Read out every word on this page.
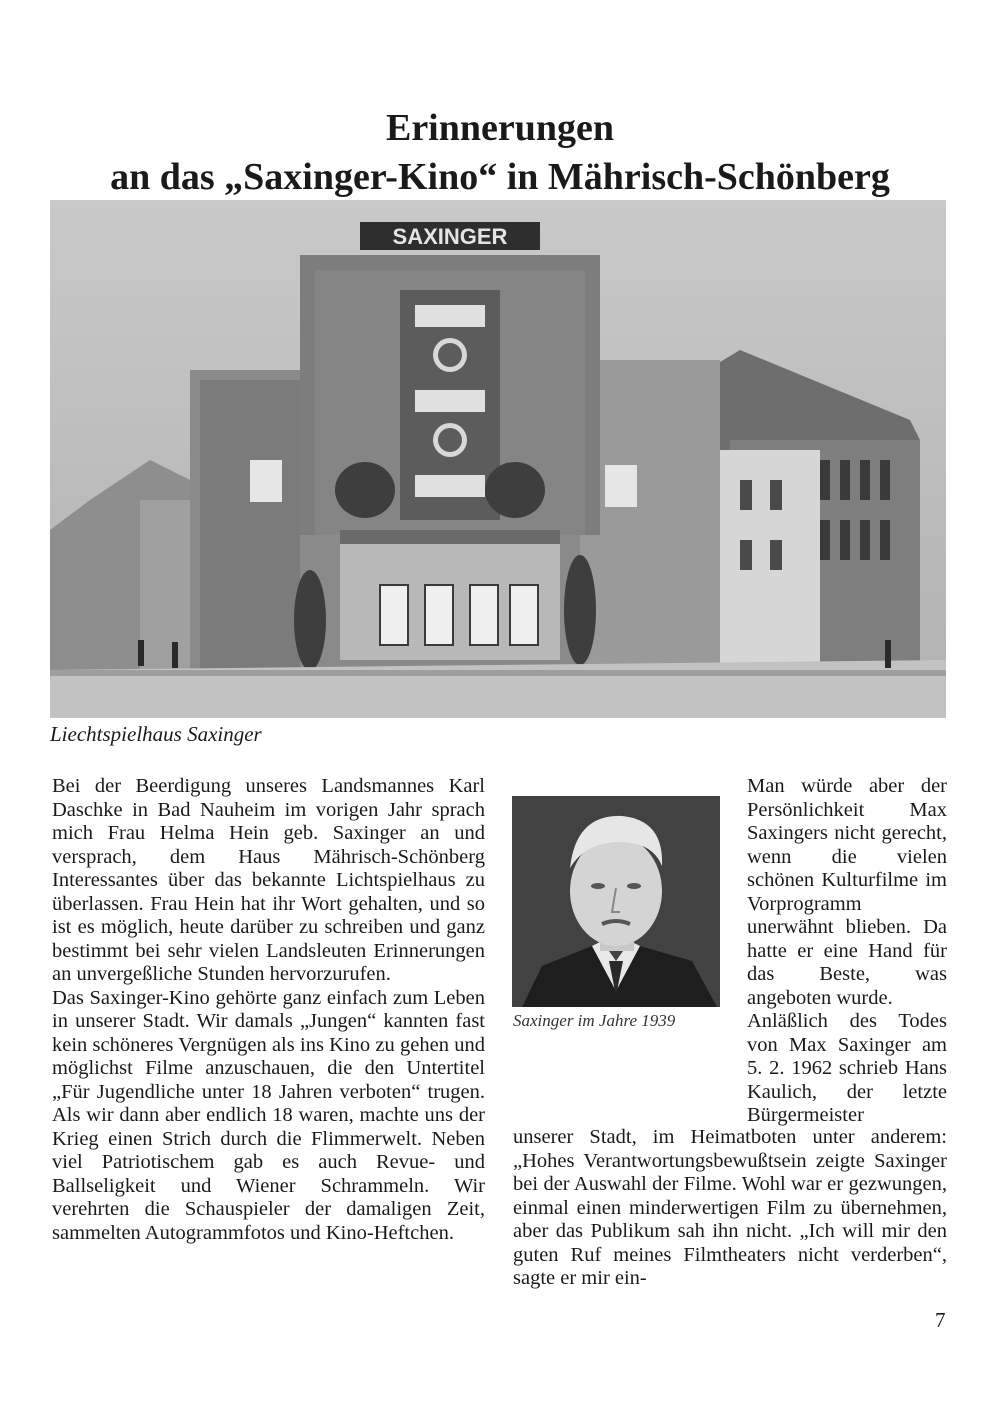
Erinnerungen
an das „Saxinger-Kino“ in Mährisch-Schönberg
SAXINGER
Liechtspielhaus Saxinger

Bei der Beerdigung unseres Landsmannes Karl Daschke in Bad Nauheim im vorigen Jahr sprach mich Frau Helma Hein geb. Saxinger an und versprach, dem Haus Mährisch-Schönberg Interessantes über das bekannte Lichtspielhaus zu überlassen. Frau Hein hat ihr Wort gehalten, und so ist es möglich, heute darüber zu schreiben und ganz bestimmt bei sehr vielen Landsleuten Erinnerungen an unvergeßliche Stunden hervorzurufen.

Das Saxinger-Kino gehörte ganz einfach zum Leben in unserer Stadt. Wir damals „Jungen“ kannten fast kein schöneres Vergnügen als ins Kino zu gehen und möglichst Filme anzuschauen, die den Untertitel „Für Jugendliche unter 18 Jahren verboten“ trugen. Als wir dann aber endlich 18 waren, machte uns der Krieg einen Strich durch die Flimmerwelt. Neben viel Patriotischem gab es auch Revue- und Ballseligkeit und Wiener Schrammeln. Wir verehrten die Schauspieler der damaligen Zeit, sammelten Autogrammfotos und Kino-Heftchen.

Saxinger im Jahre 1939

Man würde aber der Persönlichkeit Max Saxingers nicht gerecht, wenn die vielen schönen Kulturfilme im Vorprogramm unerwähnt blieben. Da hatte er eine Hand für das Beste, was angeboten wurde.

Anläßlich des Todes von Max Saxinger am 5. 2. 1962 schrieb Hans Kaulich, der letzte Bürgermeister

unserer Stadt, im Heimatboten unter anderem: „Hohes Verantwortungsbewußtsein zeigte Saxinger bei der Auswahl der Filme. Wohl war er gezwungen, einmal einen minderwertigen Film zu übernehmen, aber das Publikum sah ihn nicht. „Ich will mir den guten Ruf meines Filmtheaters nicht verderben“, sagte er mir ein-

7
